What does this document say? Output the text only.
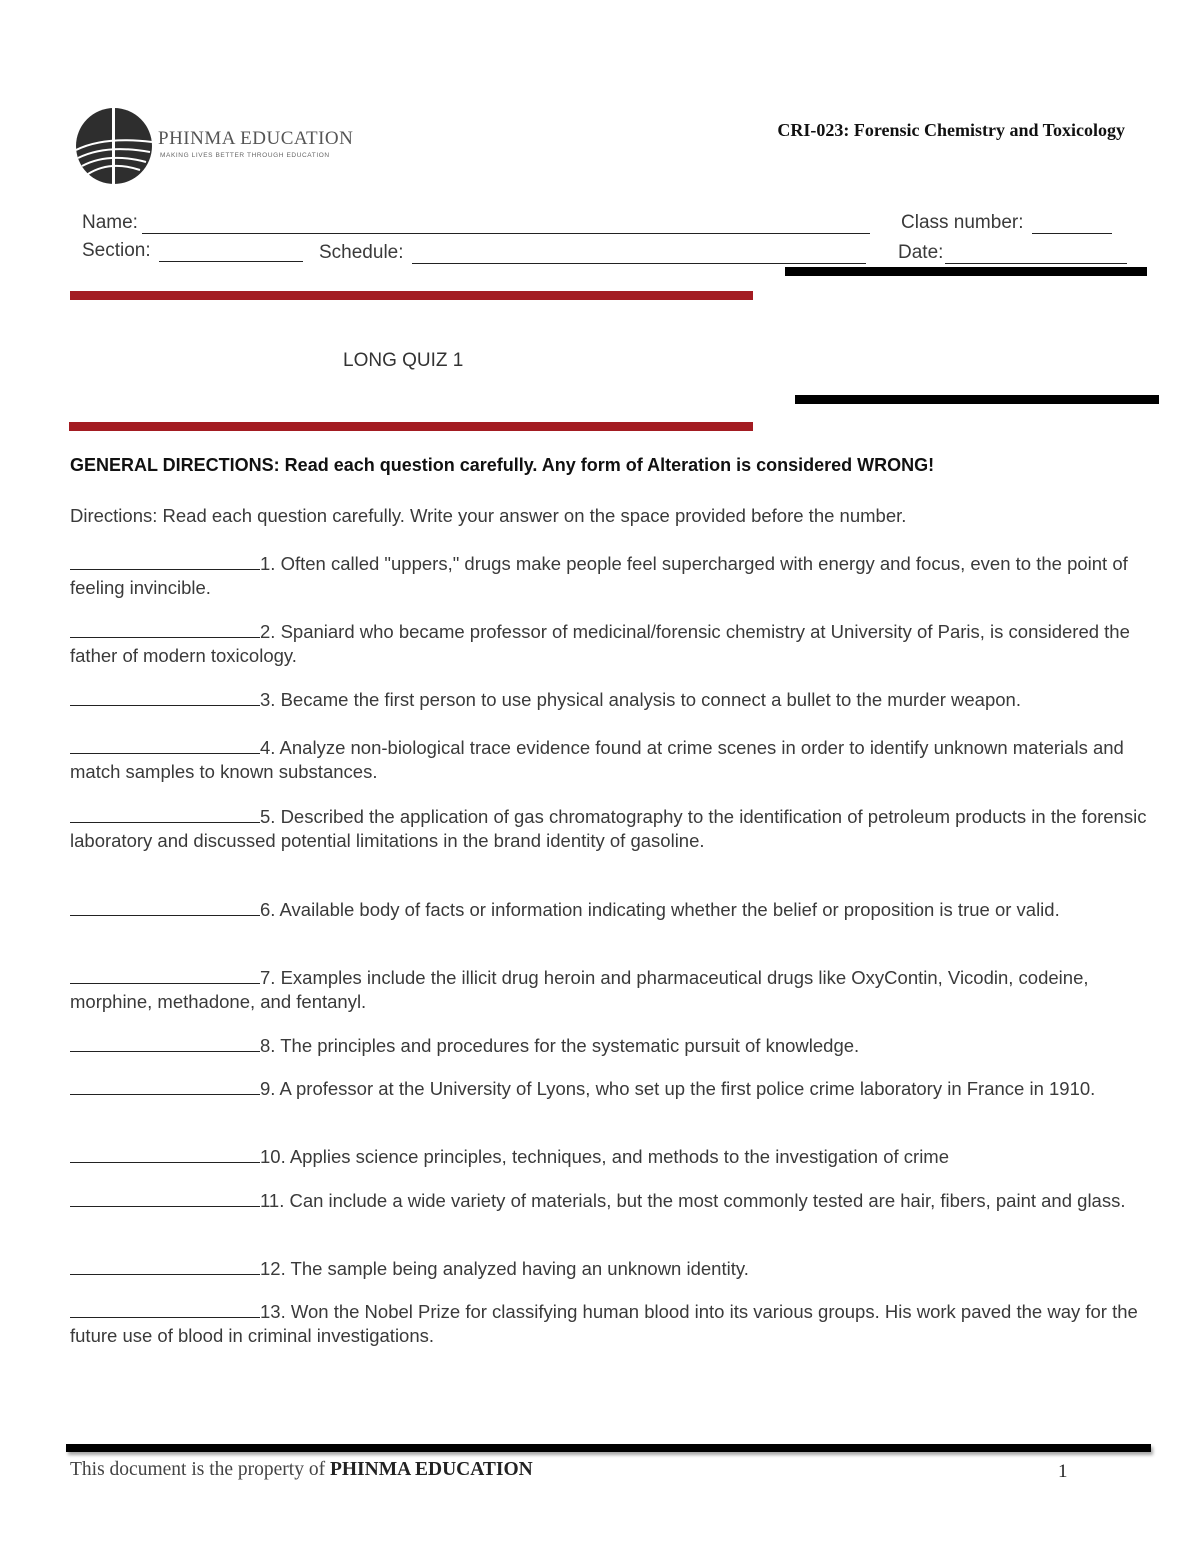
PHINMA EDUCATION
MAKING LIVES BETTER THROUGH EDUCATION
CRI-023: Forensic Chemistry and Toxicology
Name:	Class number:
Section:	Schedule:	Date:
LONG QUIZ 1
GENERAL DIRECTIONS: Read each question carefully. Any form of Alteration is considered WRONG!
Directions: Read each question carefully. Write your answer on the space provided before the number.
1. Often called "uppers," drugs make people feel supercharged with energy and focus, even to the point of feeling invincible.
2. Spaniard who became professor of medicinal/forensic chemistry at University of Paris, is considered the father of modern toxicology.
3. Became the first person to use physical analysis to connect a bullet to the murder weapon.
4. Analyze non-biological trace evidence found at crime scenes in order to identify unknown materials and match samples to known substances.
5. Described the application of gas chromatography to the identification of petroleum products in the forensic laboratory and discussed potential limitations in the brand identity of gasoline.
6. Available body of facts or information indicating whether the belief or proposition is true or valid.
7. Examples include the illicit drug heroin and pharmaceutical drugs like OxyContin, Vicodin, codeine, morphine, methadone, and fentanyl.
8. The principles and procedures for the systematic pursuit of knowledge.
9. A professor at the University of Lyons, who set up the first police crime laboratory in France in 1910.
10. Applies science principles, techniques, and methods to the investigation of crime
11. Can include a wide variety of materials, but the most commonly tested are hair, fibers, paint and glass.
12. The sample being analyzed having an unknown identity.
13. Won the Nobel Prize for classifying human blood into its various groups. His work paved the way for the future use of blood in criminal investigations.
This document is the property of PHINMA EDUCATION	1
